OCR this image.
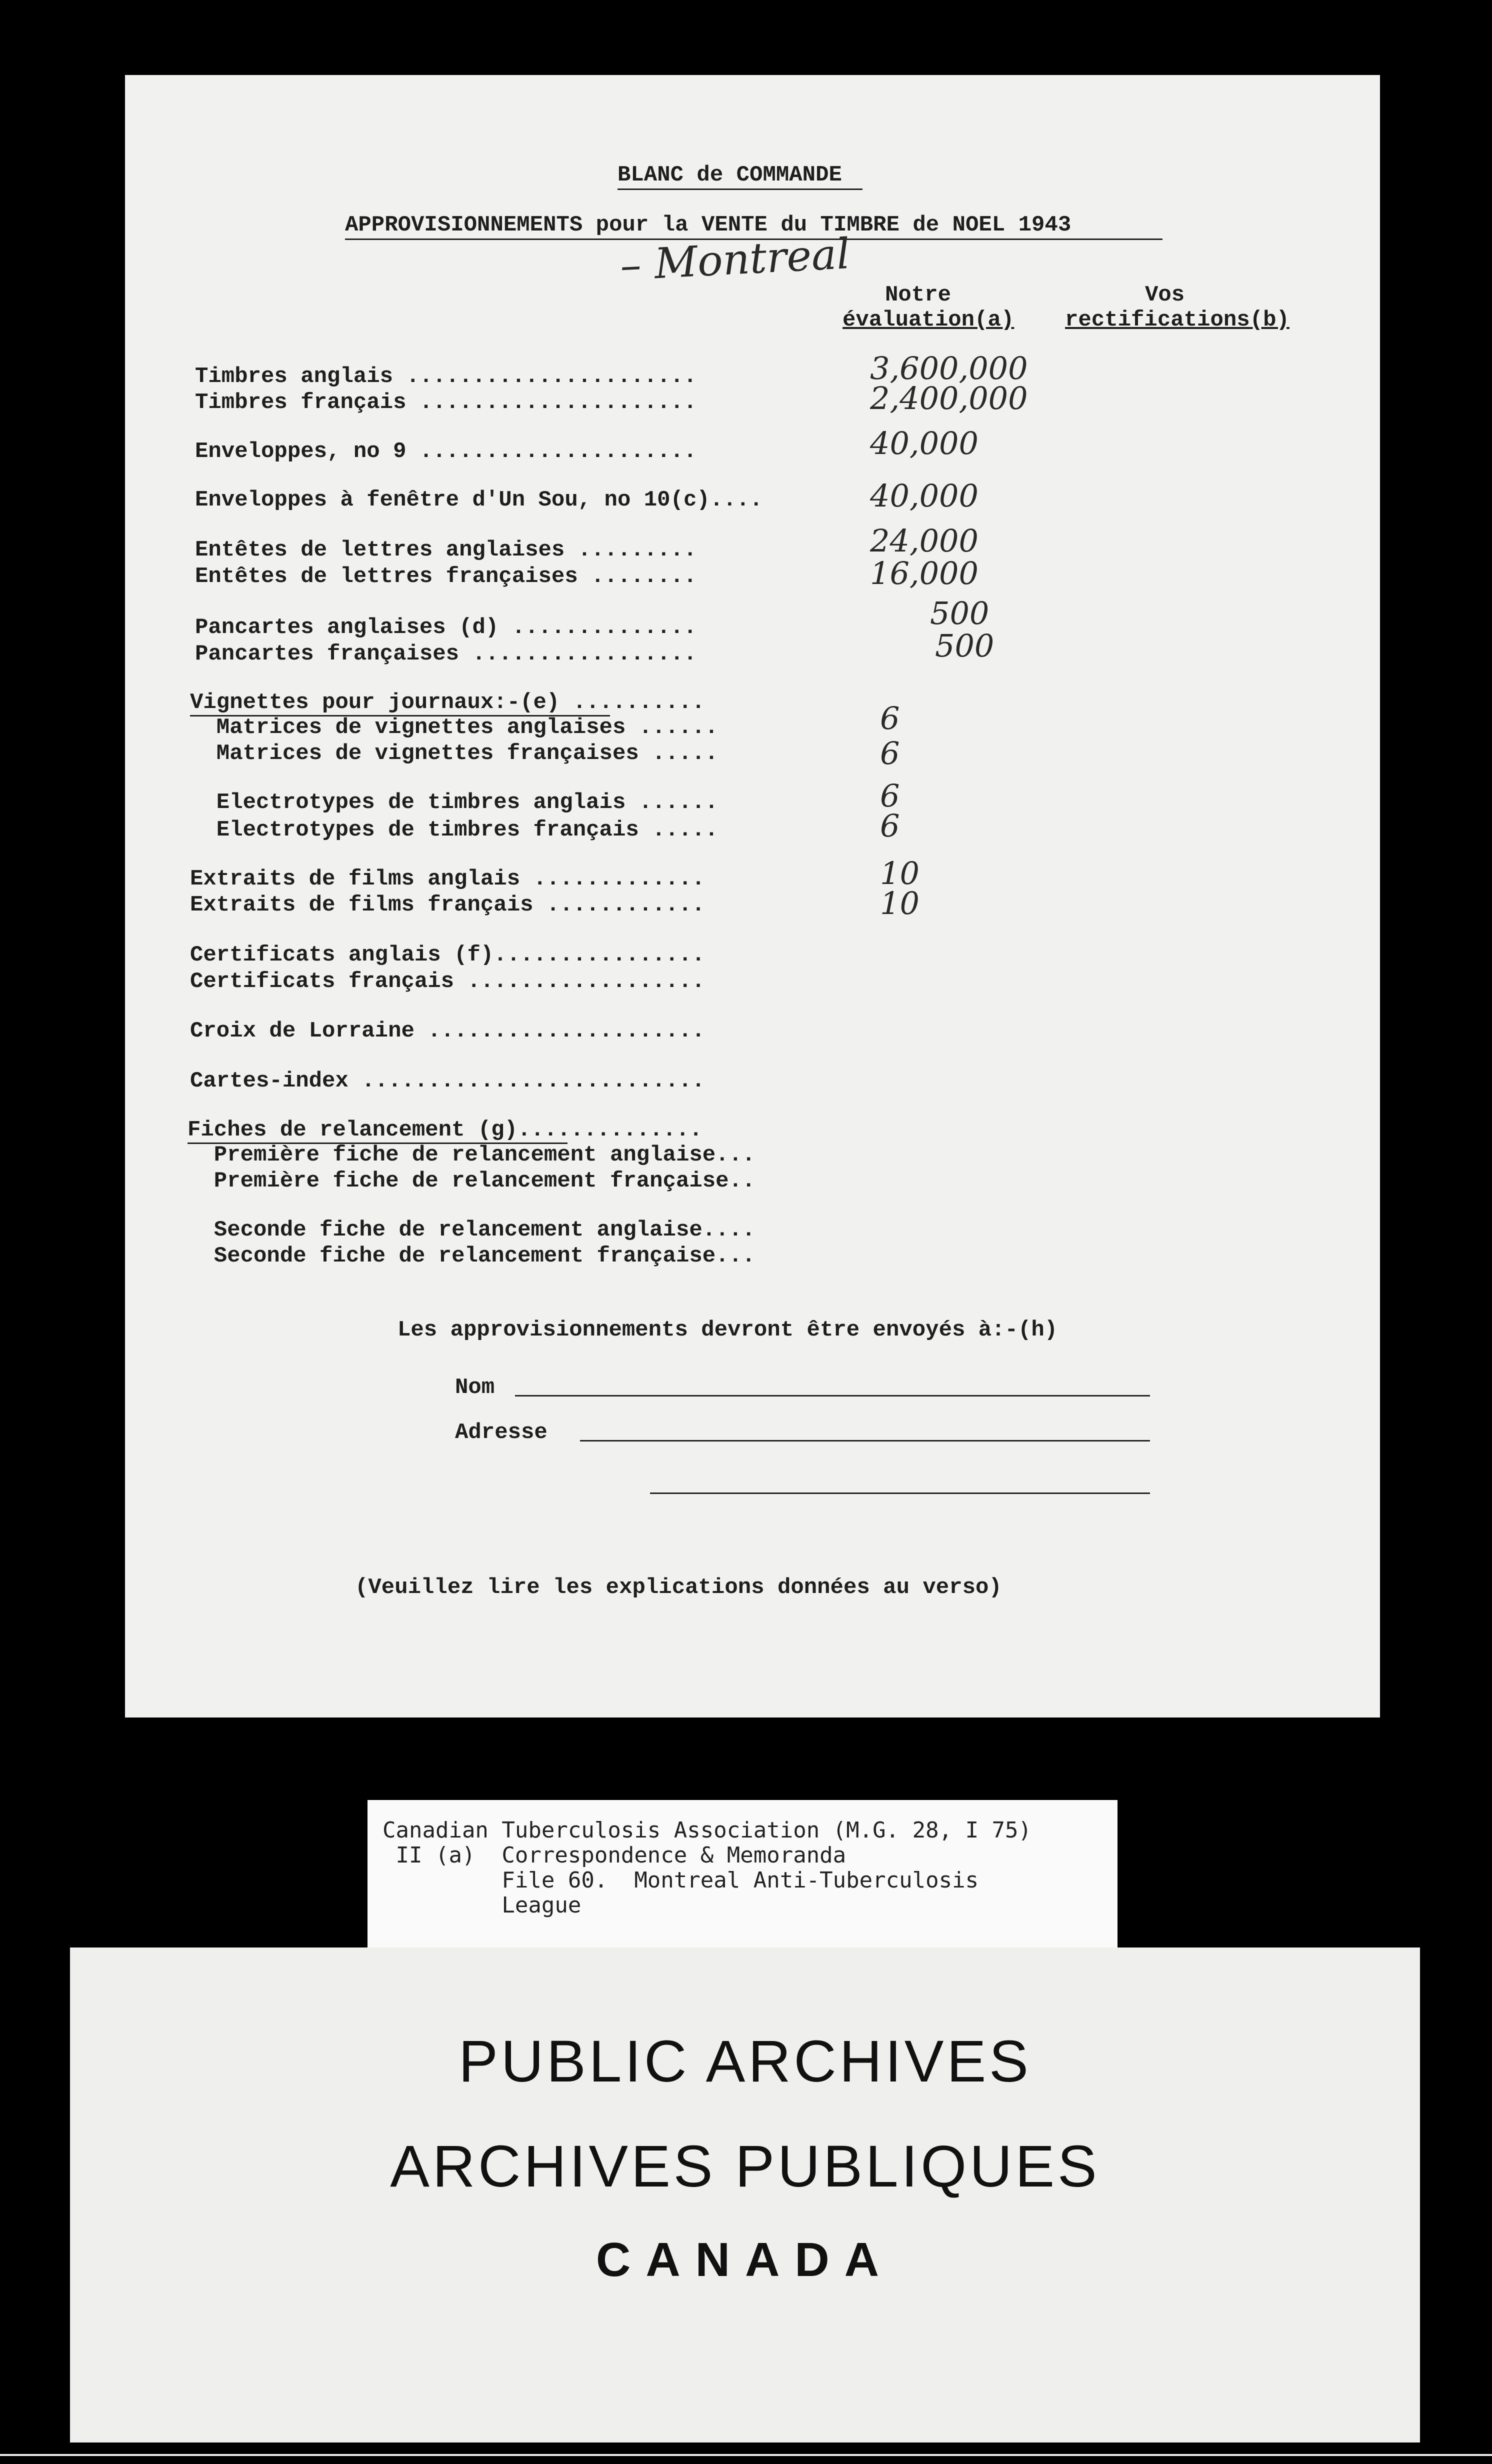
BLANC de COMMANDE
APPROVISIONNEMENTS pour la VENTE du TIMBRE de NOEL 1943
– Montreal
Notre
évaluation(a)
Vos
rectifications(b)
Timbres anglais ......................	3,600,000
Timbres français .....................	2,400,000
Enveloppes, no 9 .....................	40,000
Enveloppes à fenêtre d'Un Sou, no 10(c)....	40,000
Entêtes de lettres anglaises .........	24,000
Entêtes de lettres françaises ........	16,000
Pancartes anglaises (d) ..............	500
Pancartes françaises .................	500
Vignettes pour journaux:-(e) ..........
Matrices de vignettes anglaises ......	6
Matrices de vignettes françaises .....	6
Electrotypes de timbres anglais ......	6
Electrotypes de timbres français .....	6
Extraits de films anglais .............	10
Extraits de films français ............	10
Certificats anglais (f)................
Certificats français ..................
Croix de Lorraine .....................
Cartes-index ..........................
Fiches de relancement (g)..............
Première fiche de relancement anglaise...
Première fiche de relancement française..
Seconde fiche de relancement anglaise....
Seconde fiche de relancement française...
Les approvisionnements devront être envoyés à:-(h)
Nom
Adresse
(Veuillez lire les explications données au verso)
Canadian Tuberculosis Association (M.G. 28, I 75)
II (a)  Correspondence & Memoranda
File 60.  Montreal Anti-Tuberculosis
League
PUBLIC ARCHIVES
ARCHIVES PUBLIQUES
CANADA
